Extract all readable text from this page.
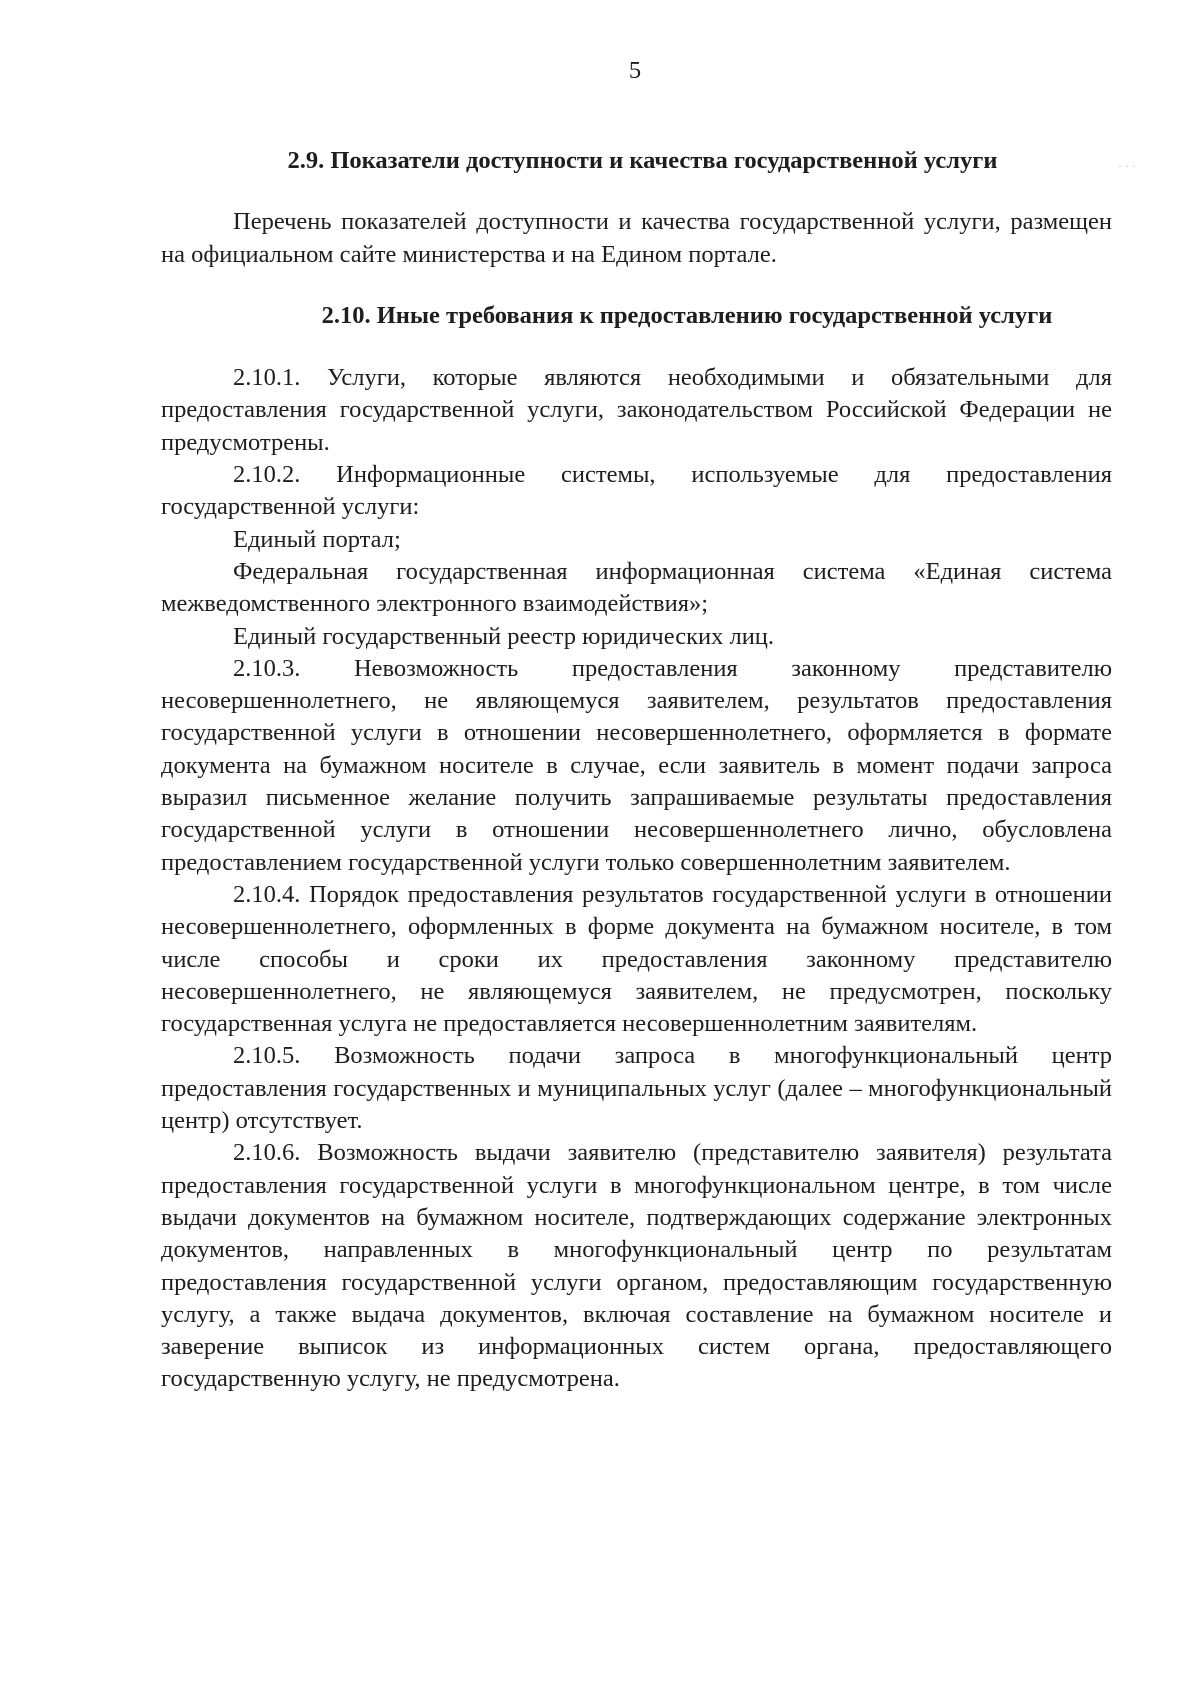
5
· · ·
2.9. Показатели доступности и качества государственной услуги

Перечень показателей доступности и качества государственной услуги, размещен на официальном сайте министерства и на Едином портале.

2.10. Иные требования к предоставлению государственной услуги

2.10.1. Услуги, которые являются необходимыми и обязательными для предоставления государственной услуги, законодательством Российской Федерации не предусмотрены.

2.10.2. Информационные системы, используемые для предоставления государственной услуги:

Единый портал;

Федеральная государственная информационная система «Единая система межведомственного электронного взаимодействия»;

Единый государственный реестр юридических лиц.

2.10.3. Невозможность предоставления законному представителю несовершеннолетнего, не являющемуся заявителем, результатов предоставления государственной услуги в отношении несовершеннолетнего, оформляется в формате документа на бумажном носителе в случае, если заявитель в момент подачи запроса выразил письменное желание получить запрашиваемые результаты предоставления государственной услуги в отношении несовершеннолетнего лично, обусловлена предоставлением государственной услуги только совершеннолетним заявителем.

2.10.4. Порядок предоставления результатов государственной услуги в отношении несовершеннолетнего, оформленных в форме документа на бумажном носителе, в том числе способы и сроки их предоставления законному представителю несовершеннолетнего, не являющемуся заявителем, не предусмотрен, поскольку государственная услуга не предоставляется несовершеннолетним заявителям.

2.10.5. Возможность подачи запроса в многофункциональный центр предоставления государственных и муниципальных услуг (далее – многофункциональный центр) отсутствует.

2.10.6. Возможность выдачи заявителю (представителю заявителя) результата предоставления государственной услуги в многофункциональном центре, в том числе выдачи документов на бумажном носителе, подтверждающих содержание электронных документов, направленных в многофункциональный центр по результатам предоставления государственной услуги органом, предоставляющим государственную услугу, а также выдача документов, включая составление на бумажном носителе и заверение выписок из информационных систем органа, предоставляющего государственную услугу, не предусмотрена.
